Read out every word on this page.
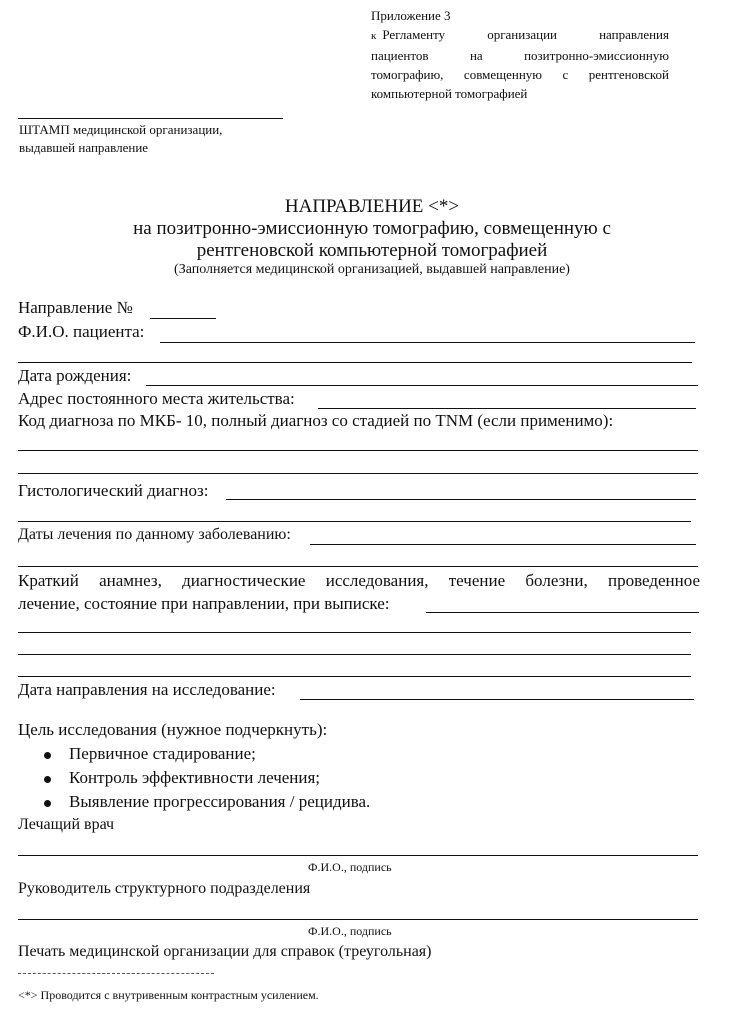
Приложение 3
к Регламенту организации направления
пациентов на позитронно-эмиссионную
томографию, совмещенную с рентгеновской
компьютерной томографией
ШТАМП медицинской организации,
выдавшей направление
НАПРАВЛЕНИЕ <*>
на позитронно-эмиссионную томографию, совмещенную с
рентгеновской компьютерной томографией
(Заполняется медицинской организацией, выдавшей направление)
Направление №
Ф.И.О. пациента:
Дата рождения:
Адрес постоянного места жительства:
Код диагноза по МКБ- 10, полный диагноз со стадией по TNM (если применимо):
Гистологический диагноз:
Даты лечения по данному заболеванию:
Краткий анамнез, диагностические исследования, течение болезни, проведенное
лечение, состояние при направлении, при выписке:
Дата направления на исследование:
Цель исследования (нужное подчеркнуть):
Первичное стадирование;
Контроль эффективности лечения;
Выявление прогрессирования / рецидива.
Лечащий врач
Ф.И.О., подпись
Руководитель структурного подразделения
Ф.И.О., подпись
Печать медицинской организации для справок (треугольная)
<*> Проводится с внутривенным контрастным усилением.
